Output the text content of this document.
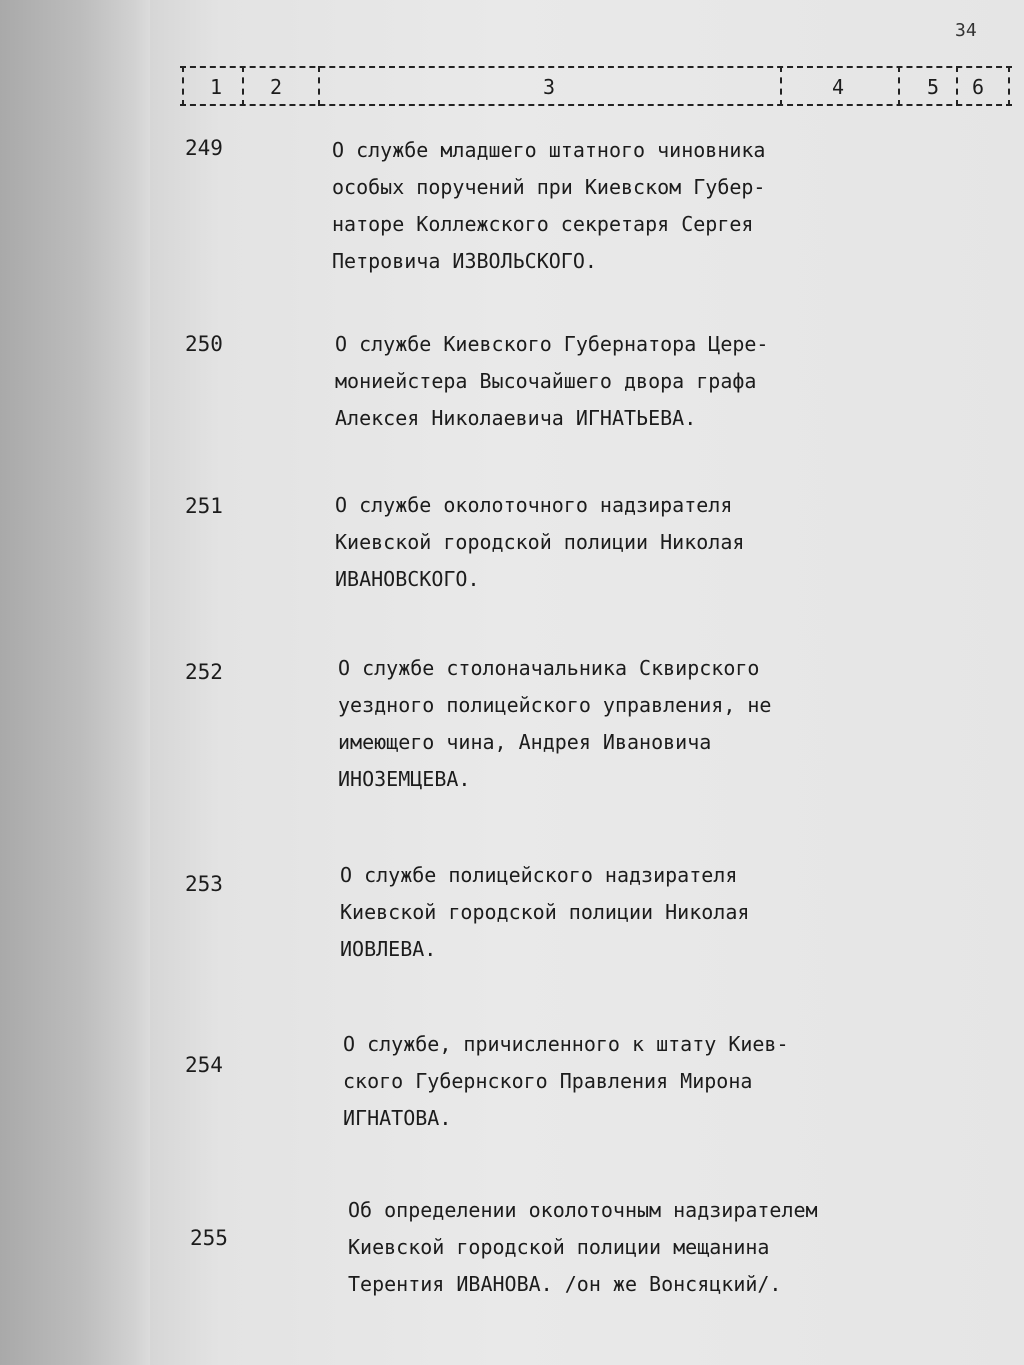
34
1 2	3	4	5 6
249	О службе младшего штатного чиновника
особых поручений при Киевском Губер-
наторе Коллежского секретаря Сергея
Петровича ИЗВОЛЬСКОГО.
250	О службе Киевского Губернатора Цере-
мониейстера Высочайшего двора графа
Алексея Николаевича ИГНАТЬЕВА.
251	О службе околоточного надзирателя
Киевской городской полиции Николая
ИВАНОВСКОГО.
252	О службе столоначальника Сквирского
уездного полицейского управления, не
имеющего чина, Андрея Ивановича
ИНОЗЕМЦЕВА.
253	О службе полицейского надзирателя
Киевской городской полиции Николая
ИОВЛЕВА.
254
О службе, причисленного к штату Киев-
ского Губернского Правления Мирона
ИГНАТОВА.
255
Об определении околоточным надзирателем
Киевской городской полиции мещанина
Терентия ИВАНОВА. /он же Вонсяцкий/.
